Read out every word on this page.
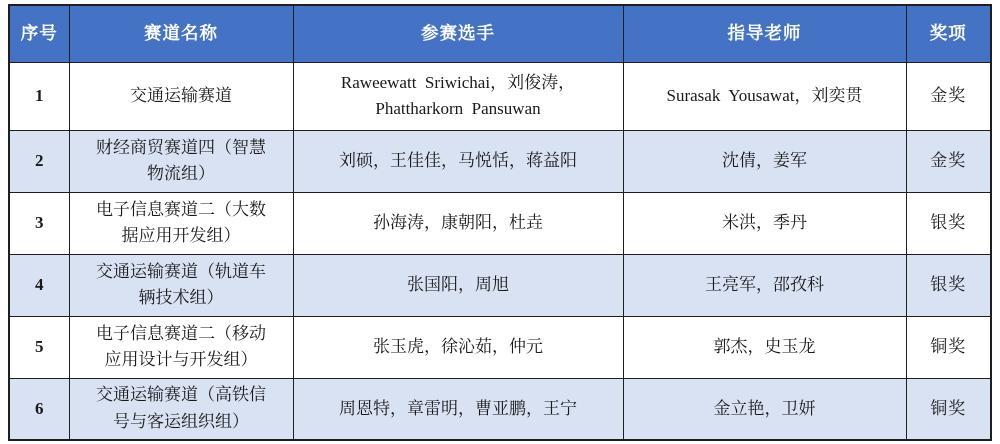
序号	赛道名称	参赛选手	指导老师	奖项
1	交通运输赛道	Raweewatt  Sriwichai，刘俊涛，Phattharkorn  Pansuwan	Surasak  Yousawat，刘奕贯	金奖
2	财经商贸赛道四（智慧物流组）	刘硕，王佳佳，马悦恬，蒋益阳	沈倩，姜军	金奖
3	电子信息赛道二（大数据应用开发组）	孙海涛，康朝阳，杜垚	米洪，季丹	银奖
4	交通运输赛道（轨道车辆技术组）	张国阳，周旭	王亮军，邵孜科	银奖
5	电子信息赛道二（移动应用设计与开发组）	张玉虎，徐沁茹，仲元	郭杰，史玉龙	铜奖
6	交通运输赛道（高铁信号与客运组织组）	周恩特，章雷明，曹亚鹏，王宁	金立艳，卫妍	铜奖
